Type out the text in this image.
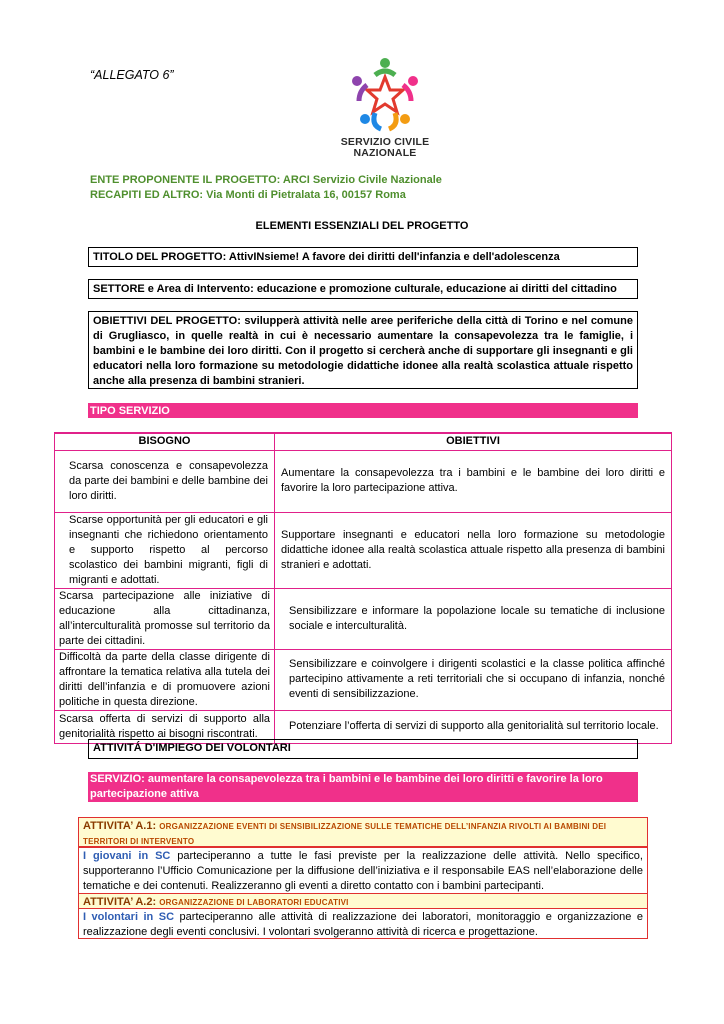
“ALLEGATO 6”
SERVIZIO CIVILE
NAZIONALE
ENTE PROPONENTE IL PROGETTO: ARCI Servizio Civile Nazionale
RECAPITI ED ALTRO: Via Monti di Pietralata 16, 00157 Roma
ELEMENTI ESSENZIALI DEL PROGETTO
TITOLO DEL PROGETTO: AttivINsieme! A favore dei diritti dell'infanzia e dell'adolescenza
SETTORE e Area di Intervento: educazione e promozione culturale, educazione ai diritti del cittadino
OBIETTIVI DEL PROGETTO: svilupperà attività nelle aree periferiche della città di Torino e nel comune di Grugliasco, in quelle realtà in cui è necessario aumentare la consapevolezza tra le famiglie, i bambini e le bambine dei loro diritti. Con il progetto si cercherà anche di supportare gli insegnanti e gli educatori nella loro formazione su metodologie didattiche idonee alla realtà scolastica attuale rispetto anche alla presenza di bambini stranieri.
TIPO SERVIZIO
BISOGNO	OBIETTIVI
Scarsa conoscenza e consapevolezza da parte dei bambini e delle bambine dei loro diritti.	Aumentare la consapevolezza tra i bambini e le bambine dei loro diritti e favorire la loro partecipazione attiva.
Scarse opportunità per gli educatori e gli insegnanti che richiedono orientamento e supporto rispetto al percorso scolastico dei bambini migranti, figli di migranti e adottati.	Supportare insegnanti e educatori nella loro formazione su metodologie didattiche idonee alla realtà scolastica attuale rispetto alla presenza di bambini stranieri e adottati.
Scarsa partecipazione alle iniziative di educazione alla cittadinanza, all’interculturalità promosse sul territorio da parte dei cittadini.	Sensibilizzare e informare la popolazione locale su tematiche di inclusione sociale e interculturalità.
Difficoltà da parte della classe dirigente di affrontare la tematica relativa alla tutela dei diritti dell’infanzia e di promuovere azioni politiche in questa direzione.	Sensibilizzare e coinvolgere i dirigenti scolastici e la classe politica affinché partecipino attivamente a reti territoriali che si occupano di infanzia, nonché eventi di sensibilizzazione.
Scarsa offerta di servizi di supporto alla genitorialità rispetto ai bisogni riscontrati.	Potenziare l’offerta di servizi di supporto alla genitorialità sul territorio locale.
ATTIVITÁ D'IMPIEGO DEI VOLONTARI
SERVIZIO: aumentare la consapevolezza tra i bambini e le bambine dei loro diritti e favorire la loro partecipazione attiva
ATTIVITA’ A.1: ORGANIZZAZIONE EVENTI DI SENSIBILIZZAZIONE SULLE TEMATICHE DELL’INFANZIA RIVOLTI AI BAMBINI DEI TERRITORI DI INTERVENTO
I giovani in SC parteciperanno a tutte le fasi previste per la realizzazione delle attività. Nello specifico, supporteranno l’Ufficio Comunicazione per la diffusione dell’iniziativa e il responsabile EAS nell’elaborazione delle tematiche e dei contenuti. Realizzeranno gli eventi a diretto contatto con i bambini partecipanti.
ATTIVITA’ A.2: ORGANIZZAZIONE DI LABORATORI EDUCATIVI
I volontari in SC parteciperanno alle attività di realizzazione dei laboratori, monitoraggio e organizzazione e realizzazione degli eventi conclusivi. I volontari svolgeranno attività di ricerca e progettazione.
